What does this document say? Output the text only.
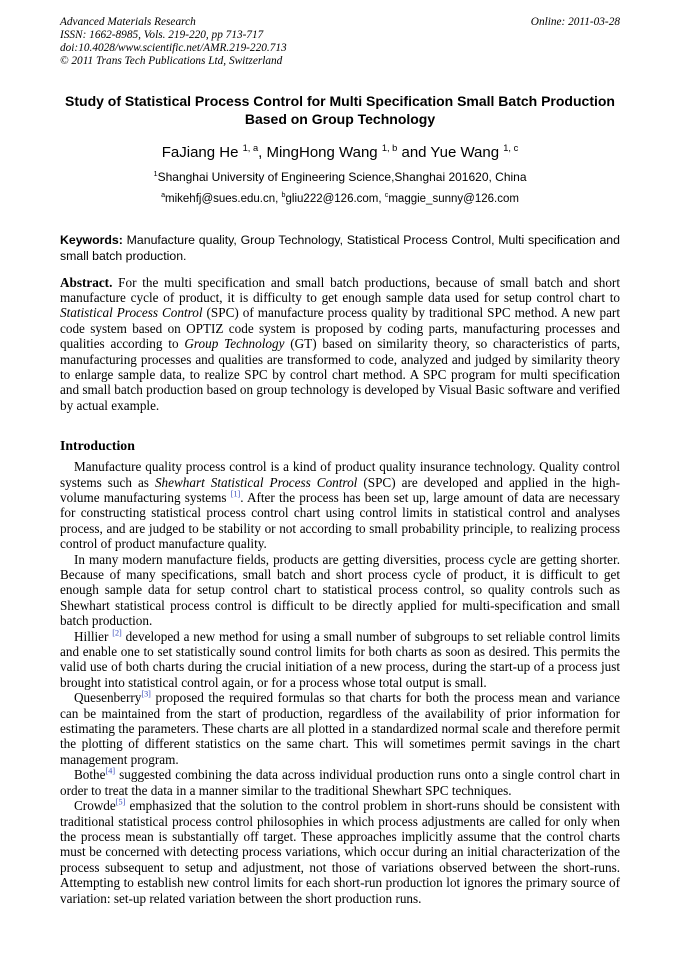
Advanced Materials Research
ISSN: 1662-8985, Vols. 219-220, pp 713-717
doi:10.4028/www.scientific.net/AMR.219-220.713
© 2011 Trans Tech Publications Ltd, Switzerland
Online: 2011-03-28
Study of Statistical Process Control for Multi Specification Small Batch Production Based on Group Technology
FaJiang He $^{1, a}$, MingHong Wang $^{1, b}$ and Yue Wang $^{1, c}$
$^1$Shanghai University of Engineering Science,Shanghai 201620, China
$^a$mikehfj@sues.edu.cn, $^b$gliu222@126.com, $^c$maggie_sunny@126.com

Keywords: Manufacture quality, Group Technology, Statistical Process Control, Multi specification and small batch production.

Abstract. For the multi specification and small batch productions, because of small batch and short manufacture cycle of product, it is difficulty to get enough sample data used for setup control chart to Statistical Process Control (SPC) of manufacture process quality by traditional SPC method. A new part code system based on OPTIZ code system is proposed by coding parts, manufacturing processes and qualities according to Group Technology (GT) based on similarity theory, so characteristics of parts, manufacturing processes and qualities are transformed to code, analyzed and judged by similarity theory to enlarge sample data, to realize SPC by control chart method. A SPC program for multi specification and small batch production based on group technology is developed by Visual Basic software and verified by actual example.

Introduction

Manufacture quality process control is a kind of product quality insurance technology. Quality control systems such as Shewhart Statistical Process Control (SPC) are developed and applied in the high-volume manufacturing systems [1]. After the process has been set up, large amount of data are necessary for constructing statistical process control chart using control limits in statistical control and analyses process, and are judged to be stability or not according to small probability principle, to realizing process control of product manufacture quality.

In many modern manufacture fields, products are getting diversities, process cycle are getting shorter. Because of many specifications, small batch and short process cycle of product, it is difficult to get enough sample data for setup control chart to statistical process control, so quality controls such as Shewhart statistical process control is difficult to be directly applied for multi-specification and small batch production.

Hillier [2] developed a new method for using a small number of subgroups to set reliable control limits and enable one to set statistically sound control limits for both charts as soon as desired. This permits the valid use of both charts during the crucial initiation of a new process, during the start-up of a process just brought into statistical control again, or for a process whose total output is small.

Quesenberry[3] proposed the required formulas so that charts for both the process mean and variance can be maintained from the start of production, regardless of the availability of prior information for estimating the parameters. These charts are all plotted in a standardized normal scale and therefore permit the plotting of different statistics on the same chart. This will sometimes permit savings in the chart management program.

Bothe[4] suggested combining the data across individual production runs onto a single control chart in order to treat the data in a manner similar to the traditional Shewhart SPC techniques.

Crowde[5] emphasized that the solution to the control problem in short-runs should be consistent with traditional statistical process control philosophies in which process adjustments are called for only when the process mean is substantially off target. These approaches implicitly assume that the control charts must be concerned with detecting process variations, which occur during an initial characterization of the process subsequent to setup and adjustment, not those of variations observed between the short-runs. Attempting to establish new control limits for each short-run production lot ignores the primary source of variation: set-up related variation between the short production runs.
